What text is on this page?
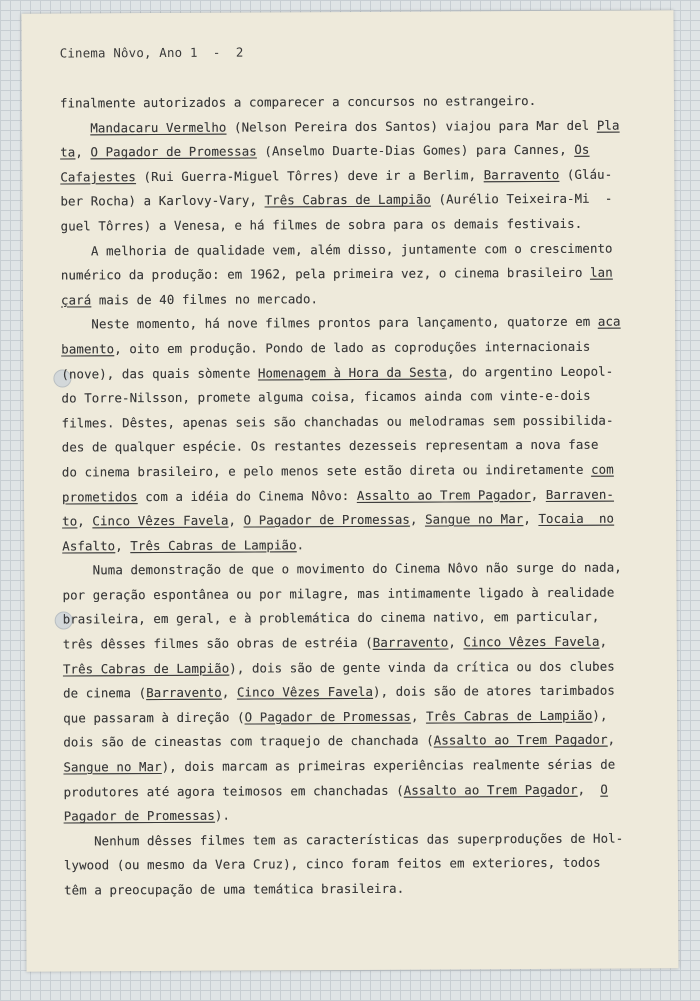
Cinema Nôvo, Ano 1  -  2
finalmente autorizados a comparecer a concursos no estrangeiro.
Mandacaru Vermelho (Nelson Pereira dos Santos) viajou para Mar del Pla
ta, O Pagador de Promessas (Anselmo Duarte-Dias Gomes) para Cannes, Os
Cafajestes (Rui Guerra-Miguel Tôrres) deve ir a Berlim, Barravento (Gláu-
ber Rocha) a Karlovy-Vary, Três Cabras de Lampião (Aurélio Teixeira-Mi  -
guel Tôrres) a Venesa, e há filmes de sobra para os demais festivais.
A melhoria de qualidade vem, além disso, juntamente com o crescimento
numérico da produção: em 1962, pela primeira vez, o cinema brasileiro lan
çará mais de 40 filmes no mercado.
Neste momento, há nove filmes prontos para lançamento, quatorze em aca
bamento, oito em produção. Pondo de lado as coproduções internacionais
(nove), das quais sòmente Homenagem à Hora da Sesta, do argentino Leopol-
do Torre-Nilsson, promete alguma coisa, ficamos ainda com vinte-e-dois
filmes. Dêstes, apenas seis são chanchadas ou melodramas sem possibilida-
des de qualquer espécie. Os restantes dezesseis representam a nova fase
do cinema brasileiro, e pelo menos sete estão direta ou indiretamente com
prometidos com a idéia do Cinema Nôvo: Assalto ao Trem Pagador, Barraven-
to, Cinco Vêzes Favela, O Pagador de Promessas, Sangue no Mar, Tocaia  no
Asfalto, Três Cabras de Lampião.
Numa demonstração de que o movimento do Cinema Nôvo não surge do nada,
por geração espontânea ou por milagre, mas intimamente ligado à realidade
brasileira, em geral, e à problemática do cinema nativo, em particular,
três dêsses filmes são obras de estréia (Barravento, Cinco Vêzes Favela,
Três Cabras de Lampião), dois são de gente vinda da crítica ou dos clubes
de cinema (Barravento, Cinco Vêzes Favela), dois são de atores tarimbados
que passaram à direção (O Pagador de Promessas, Três Cabras de Lampião),
dois são de cineastas com traquejo de chanchada (Assalto ao Trem Pagador,
Sangue no Mar), dois marcam as primeiras experiências realmente sérias de
produtores até agora teimosos em chanchadas (Assalto ao Trem Pagador,  O
Pagador de Promessas).
Nenhum dêsses filmes tem as características das superproduções de Hol-
lywood (ou mesmo da Vera Cruz), cinco foram feitos em exteriores, todos
têm a preocupação de uma temática brasileira.
